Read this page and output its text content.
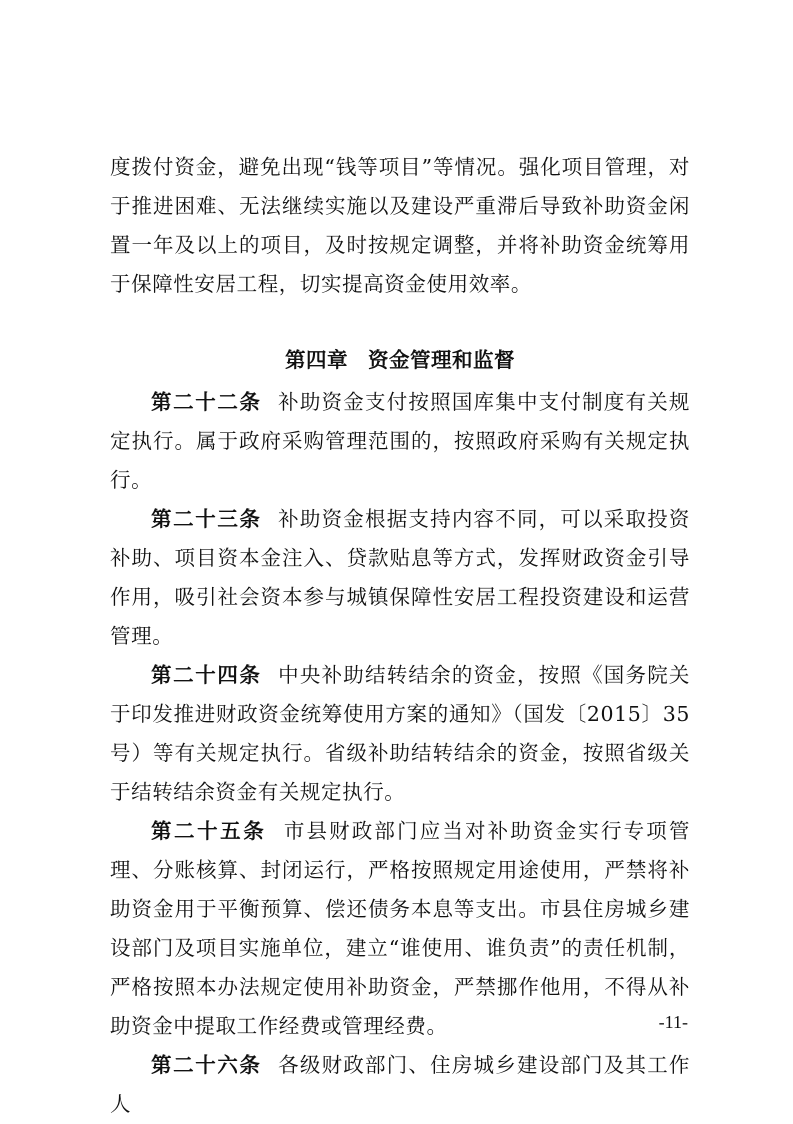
度拨付资金，避免出现“钱等项目”等情况。强化项目管理，对于推进困难、无法继续实施以及建设严重滞后导致补助资金闲置一年及以上的项目，及时按规定调整，并将补助资金统筹用于保障性安居工程，切实提高资金使用效率。

第四章 资金管理和监督

第二十二条 补助资金支付按照国库集中支付制度有关规定执行。属于政府采购管理范围的，按照政府采购有关规定执行。

第二十三条 补助资金根据支持内容不同，可以采取投资补助、项目资本金注入、贷款贴息等方式，发挥财政资金引导作用，吸引社会资本参与城镇保障性安居工程投资建设和运营管理。

第二十四条 中央补助结转结余的资金，按照《国务院关于印发推进财政资金统筹使用方案的通知》（国发〔2015〕35号）等有关规定执行。省级补助结转结余的资金，按照省级关于结转结余资金有关规定执行。

第二十五条 市县财政部门应当对补助资金实行专项管理、分账核算、封闭运行，严格按照规定用途使用，严禁将补助资金用于平衡预算、偿还债务本息等支出。市县住房城乡建设部门及项目实施单位，建立“谁使用、谁负责”的责任机制，严格按照本办法规定使用补助资金，严禁挪作他用，不得从补助资金中提取工作经费或管理经费。

第二十六条 各级财政部门、住房城乡建设部门及其工作人

-11-
